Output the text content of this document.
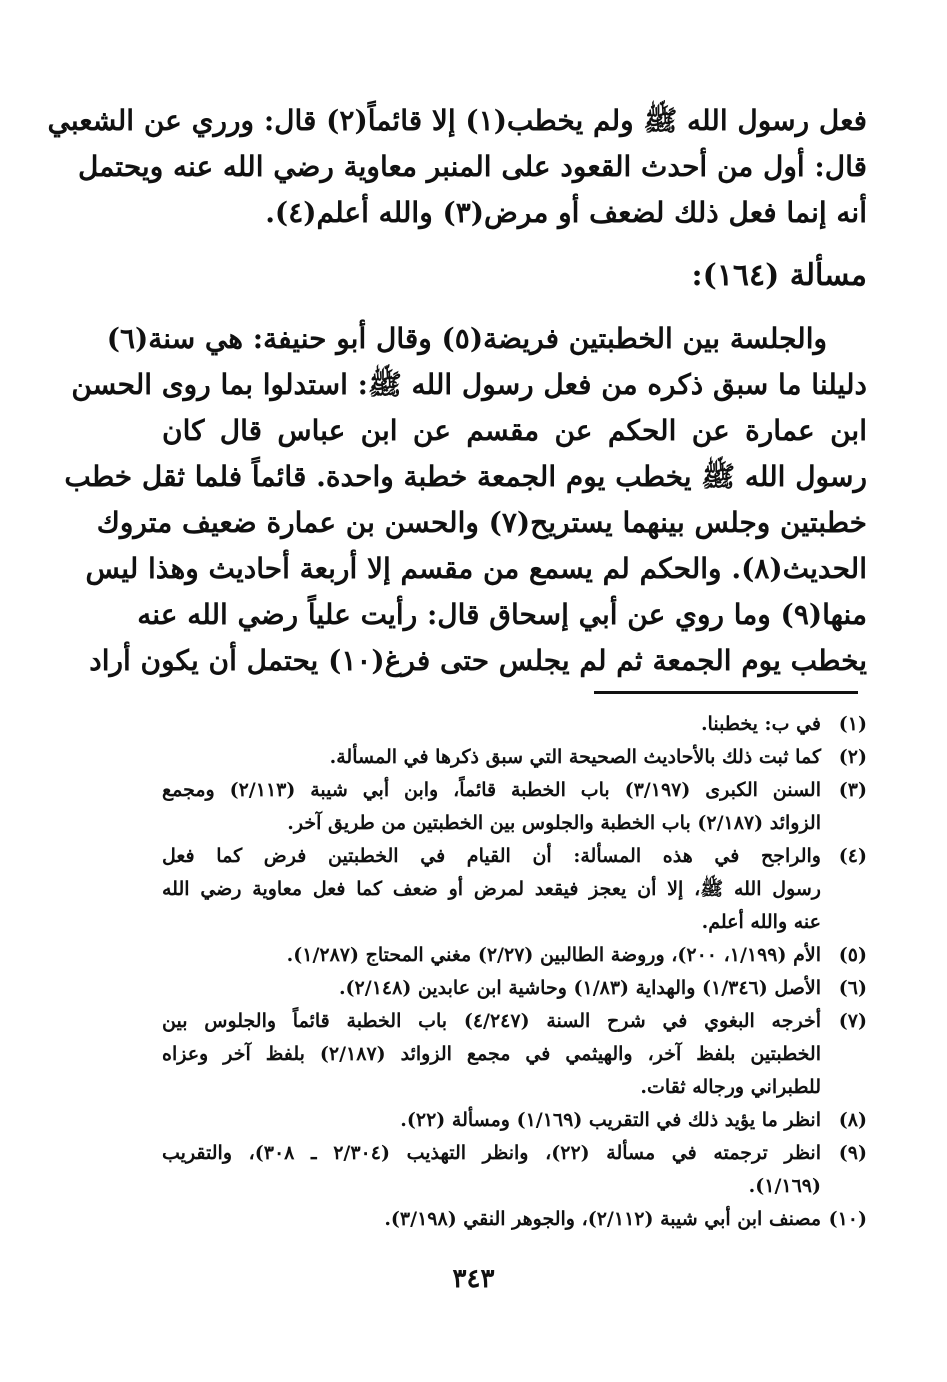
فعل رسول الله ﷺ ولم يخطب(١) إلا قائماً(٢) قال: ورري عن الشعبي
قال: أول من أحدث القعود على المنبر معاوية رضي الله عنه ويحتمل
أنه إنما فعل ذلك لضعف أو مرض(٣) والله أعلم(٤).
مسألة (١٦٤):
والجلسة بين الخطبتين فريضة(٥) وقال أبو حنيفة: هي سنة(٦)
دليلنا ما سبق ذكره من فعل رسول الله ﷺ: استدلوا بما روى الحسن
ابن عمارة عن الحكم عن مقسم عن ابن عباس قال كان
رسول الله ﷺ يخطب يوم الجمعة خطبة واحدة. قائماً فلما ثقل خطب
خطبتين وجلس بينهما يستريح(٧) والحسن بن عمارة ضعيف متروك
الحديث(٨). والحكم لم يسمع من مقسم إلا أربعة أحاديث وهذا ليس
منها(٩) وما روي عن أبي إسحاق قال: رأيت علياً رضي الله عنه
يخطب يوم الجمعة ثم لم يجلس حتى فرغ(١٠) يحتمل أن يكون أراد
(١)
في ب: يخطبنا.
(٢)
كما ثبت ذلك بالأحاديث الصحيحة التي سبق ذكرها في المسألة.
(٣)
السنن الكبرى (٣/١٩٧) باب الخطبة قائماً، وابن أبي شيبة (٢/١١٣) ومجمع
الزوائد (٢/١٨٧) باب الخطبة والجلوس بين الخطبتين من طريق آخر.
(٤)
والراجح في هذه المسألة: أن القيام في الخطبتين فرض كما فعل
رسول الله ﷺ، إلا أن يعجز فيقعد لمرض أو ضعف كما فعل معاوية رضي الله
عنه والله أعلم.
(٥)
الأم (١/١٩٩، ٢٠٠)، وروضة الطالبين (٢/٢٧) مغني المحتاج (١/٢٨٧).
(٦)
الأصل (١/٣٤٦) والهداية (١/٨٣) وحاشية ابن عابدين (٢/١٤٨).
(٧)
أخرجه البغوي في شرح السنة (٤/٢٤٧) باب الخطبة قائماً والجلوس بين
الخطبتين بلفظ آخر، والهيثمي في مجمع الزوائد (٢/١٨٧) بلفظ آخر وعزاه
للطبراني ورجاله ثقات.
(٨)
انظر ما يؤيد ذلك في التقريب (١/١٦٩) ومسألة (٢٢).
(٩)
انظر ترجمته في مسألة (٢٢)، وانظر التهذيب (٢/٣٠٤ ـ ٣٠٨)، والتقريب
(١/١٦٩).
(١٠)
مصنف ابن أبي شيبة (٢/١١٢)، والجوهر النقي (٣/١٩٨).
٣٤٣
